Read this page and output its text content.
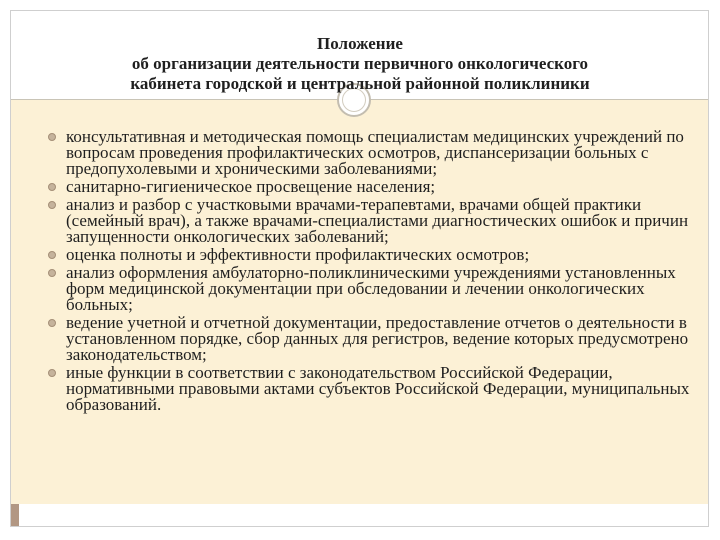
Положение
об организации деятельности первичного онкологического
кабинета городской и центральной районной поликлиники
консультативная и методическая помощь специалистам медицинских учреждений по вопросам проведения профилактических осмотров, диспансеризации больных с предопухолевыми и хроническими заболеваниями;
санитарно-гигиеническое просвещение населения;
анализ и разбор с участковыми врачами-терапевтами, врачами общей практики (семейный врач), а также врачами-специалистами диагностических ошибок и причин запущенности онкологических заболеваний;
оценка полноты и эффективности профилактических осмотров;
анализ оформления амбулаторно-поликлиническими учреждениями установленных форм медицинской документации при обследовании и лечении онкологических больных;
ведение учетной и отчетной документации, предоставление отчетов о деятельности в установленном порядке, сбор данных для регистров, ведение которых предусмотрено законодательством;
иные функции в соответствии с законодательством Российской Федерации, нормативными правовыми актами субъектов Российской Федерации, муниципальных образований.
